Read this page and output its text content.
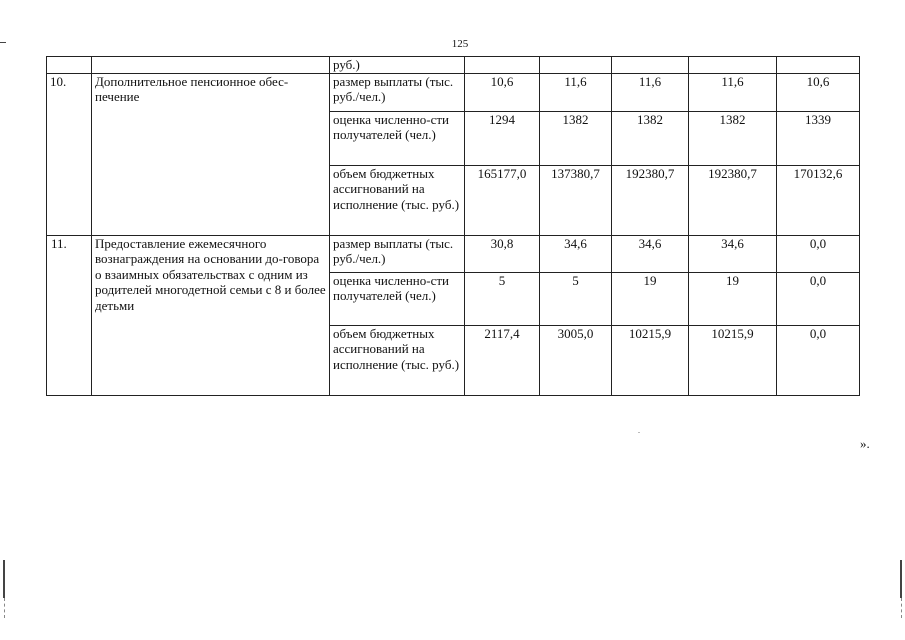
125
		руб.)					
10.	Дополнительное пенсионное обес-печение	размер выплаты (тыс. руб./чел.)	10,6	11,6	11,6	11,6	10,6
		оценка численно-сти получателей (чел.)	1294	1382	1382	1382	1339
		объем бюджетных ассигнований на исполнение (тыс. руб.)	165177,0	137380,7	192380,7	192380,7	170132,6
11.	Предоставление ежемесячного вознаграждения на основании до-говора о взаимных обязательствах с одним из родителей многодетной семьи с 8 и более детьми	размер выплаты (тыс. руб./чел.)	30,8	34,6	34,6	34,6	0,0
		оценка численно-сти получателей (чел.)	5	5	19	19	0,0
		объем бюджетных ассигнований на исполнение (тыс. руб.)	2117,4	3005,0	10215,9	10215,9	0,0
».
